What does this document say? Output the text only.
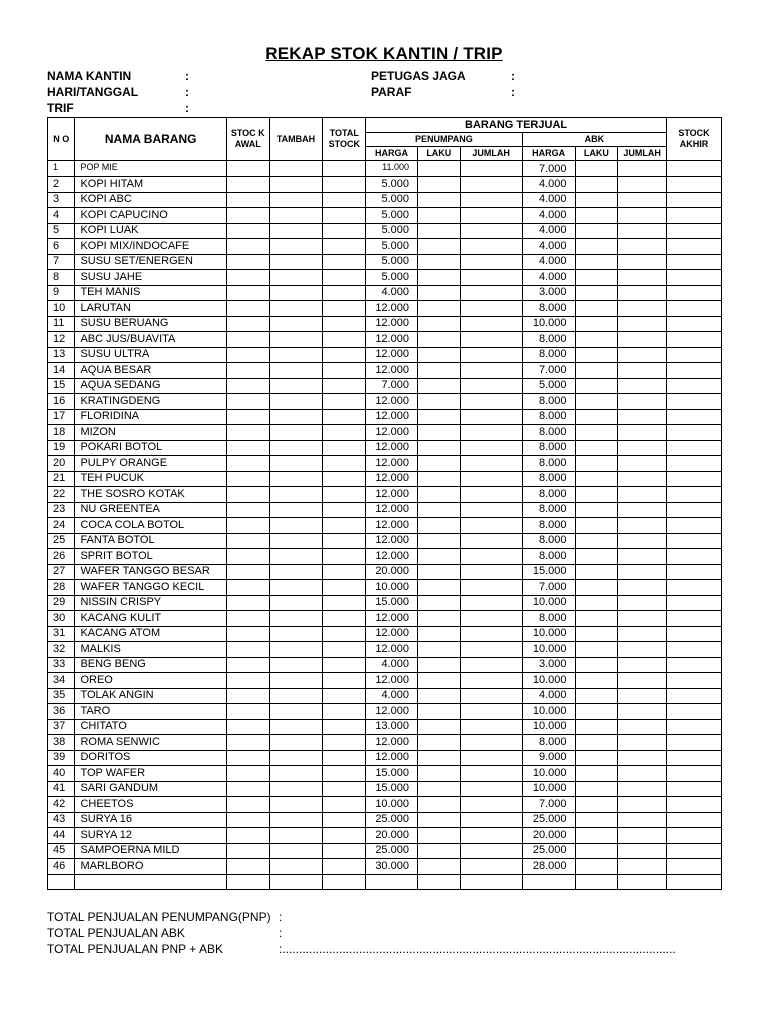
REKAP STOK KANTIN / TRIP
NAMA KANTIN	:
HARI/TANGGAL	:
TRIF	:
PETUGAS JAGA	:
PARAF	:
N O	NAMA BARANG	STOC K AWAL	TAMBAH	TOTAL STOCK	BARANG TERJUAL						STOCK AKHIR
					PENUMPANG			ABK			
					HARGA	LAKU	JUMLAH	HARGA	LAKU	JUMLAH	
1	POP MIE				11.000			7.000			
2	KOPI HITAM				5.000			4.000			
3	KOPI ABC				5.000			4.000			
4	KOPI CAPUCINO				5.000			4.000			
5	KOPI LUAK				5.000			4.000			
6	KOPI MIX/INDOCAFE				5.000			4.000			
7	SUSU SET/ENERGEN				5.000			4.000			
8	SUSU JAHE				5.000			4.000			
9	TEH MANIS				4.000			3.000			
10	LARUTAN				12.000			8.000			
11	SUSU BERUANG				12.000			10.000			
12	ABC JUS/BUAVITA				12.000			8.000			
13	SUSU ULTRA				12.000			8.000			
14	AQUA BESAR				12.000			7.000			
15	AQUA SEDANG				7.000			5.000			
16	KRATINGDENG				12.000			8.000			
17	FLORIDINA				12.000			8.000			
18	MIZON				12.000			8.000			
19	POKARI BOTOL				12.000			8.000			
20	PULPY ORANGE				12.000			8.000			
21	TEH PUCUK				12.000			8.000			
22	THE SOSRO KOTAK				12.000			8.000			
23	NU GREENTEA				12.000			8.000			
24	COCA COLA BOTOL				12.000			8.000			
25	FANTA BOTOL				12.000			8.000			
26	SPRIT BOTOL				12.000			8.000			
27	WAFER TANGGO BESAR				20.000			15.000			
28	WAFER TANGGO KECIL				10.000			7.000			
29	NISSIN CRISPY				15.000			10.000			
30	KACANG KULIT				12.000			8.000			
31	KACANG ATOM				12.000			10.000			
32	MALKIS				12.000			10.000			
33	BENG BENG				4.000			3.000			
34	OREO				12.000			10.000			
35	TOLAK ANGIN				4.000			4.000			
36	TARO				12.000			10.000			
37	CHITATO				13.000			10.000			
38	ROMA SENWIC				12.000			8.000			
39	DORITOS				12.000			9.000			
40	TOP WAFER				15.000			10.000			
41	SARI GANDUM				15.000			10.000			
42	CHEETOS				10.000			7.000			
43	SURYA 16				25.000			25.000			
44	SURYA 12				20.000			20.000			
45	SAMPOERNA MILD				25.000			25.000			
46	MARLBORO				30.000			28.000			

TOTAL PENJUALAN PENUMPANG(PNP) :
TOTAL PENJUALAN ABK	:
TOTAL PENJUALAN PNP + ABK	:......................................................................................................................
